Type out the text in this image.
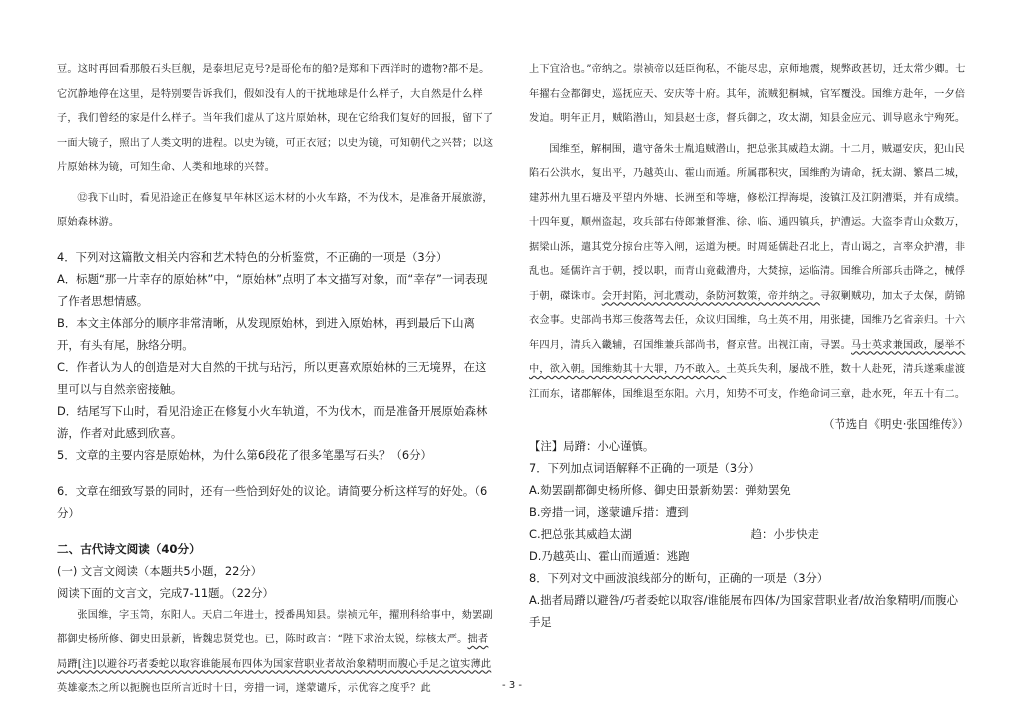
豆。这时再回看那般石头巨舰，是泰坦尼克号?是哥伦布的船?是郑和下西洋时的遗物?都不是。它沉静地停在这里，是特别要告诉我们，假如没有人的干扰地球是什么样子，大自然是什么样子，我们曾经的家是什么样子。当年我们虚从了这片原始林，现在它给我们复好的回报，留下了一面大镜子，照出了人类文明的进程。以史为镜，可正衣冠；以史为镜，可知朝代之兴替；以这片原始林为镜，可知生命、人类和地球的兴替。

⑫我下山时，看见沿途正在修复早年林区运木材的小火车路，不为伐木，是准备开展旅游，原始森林游。

4．下列对这篇散文相关内容和艺术特色的分析鉴赏，不正确的一项是（3分）

A．标题“那一片幸存的原始林”中，“原始林”点明了本文描写对象，而“幸存”一词表现了作者思想情感。

B．本文主体部分的顺序非常清晰，从发现原始林，到进入原始林，再到最后下山离开，有头有尾，脉络分明。

C．作者认为人的创造是对大自然的干扰与玷污，所以更喜欢原始林的三无境界，在这里可以与自然亲密接触。

D．结尾写下山时，看见沿途正在修复小火车轨道，不为伐木，而是准备开展原始森林游，作者对此感到欣喜。

5．文章的主要内容是原始林，为什么第6段花了很多笔墨写石头？（6分）

6．文章在细致写景的同时，还有一些恰到好处的议论。请简要分析这样写的好处。（6分）

二、古代诗文阅读（40分）

(一) 文言文阅读（本题共5小题，22分）

阅读下面的文言文，完成7-11题。（22分）

张国维，字玉笥，东阳人。天启二年进士，授番禺知县。崇祯元年，擢刑科给事中，劾罢副都御史杨所修、御史田景新，皆魏忠贤党也。已，陈时政言：“陛下求治太锐，综核太严。拙者局蹐[注]以避谷巧者委蛇以取容谁能展布四体为国家营职业者故治象精明而腹心手足之谊实薄此英雄豪杰之所以扼腕也臣所言近时十日，旁措一词，遂蒙谴斥，示优容之度乎？此

上下宜洽也。”帝纳之。崇祯帝以廷臣徇私，不能尽忠，京师地震，规弊政甚切，迁太常少卿。七年擢右佥都御史，巡抚应天、安庆等十府。其年，流贼犯桐城，官军覆没。国维方赴年，一夕倍发迫。明年正月，贼陷潜山，知县赵士彦，督兵御之，攻太湖，知县金应元、训导扈永宁殉死。

国维至，解桐围，遣守备朱士胤追贼潜山，把总张其威趋太湖。十二月，贼逼安庆，犯山民陷石公洪水，复出平，乃越英山、霍山而遁。所属郡积灾，国维酌为请命，抚太湖、繁昌二城，建苏州九里石塘及平望内外塘、长洲至和等塘，修松江捍海堤，浚镇江及江阴漕渠，并有成绩。

十四年夏，顺州盗起，攻兵部右侍郎兼督淮、徐、临、通四镇兵，护漕运。大盗李青山众数万，据梁山泺，遣其党分掠台庄等入闸，运道为梗。时周延儒赴召北上，青山谒之，言率众护漕，非乱也。延儒许言于朝，授以职，而青山竟截漕舟，大焚掠，运临清。国维合所部兵击降之，械俘于朝，磔诛市。会开封陷，河北震动，条防河数策，帝并纳之。寻叙剿贼功，加太子太保，荫锦衣佥事。史部尚书郑三俊落驾去任，众议归国维，乌土英不用，用张捷，国维乃乞省亲归。十六年四月，清兵入畿辅，召国维兼兵部尚书，督京营。出视江南，寻罢。马士英求兼国政，屡举不中，欲入朝。国维劾其十大罪，乃不敢入。土英兵失利，屡战不胜，数十人赴死，清兵遂乘虚渡江而东，诸郡解体，国维退至东阳。六月，知势不可支，作绝命词三章，赴水死，年五十有二。

（节选自《明史·张国维传》）

【注】局蹐：小心谨慎。

7．下列加点词语解释不正确的一项是（3分）

A.劾罢副都御史杨所修、御史田景新劾罢：弹劾罢免

B.旁措一词，遂蒙谴斥措：遭到

C.把总张其威趋太湖	趋：小步快走

D.乃越英山、霍山而遁遁：逃跑

8．下列对文中画波浪线部分的断句，正确的一项是（3分）

A.拙者局蹐以避咎/巧者委蛇以取容/谁能展布四体/为国家营职业者/故治象精明/而腹心手足

- 3 -
